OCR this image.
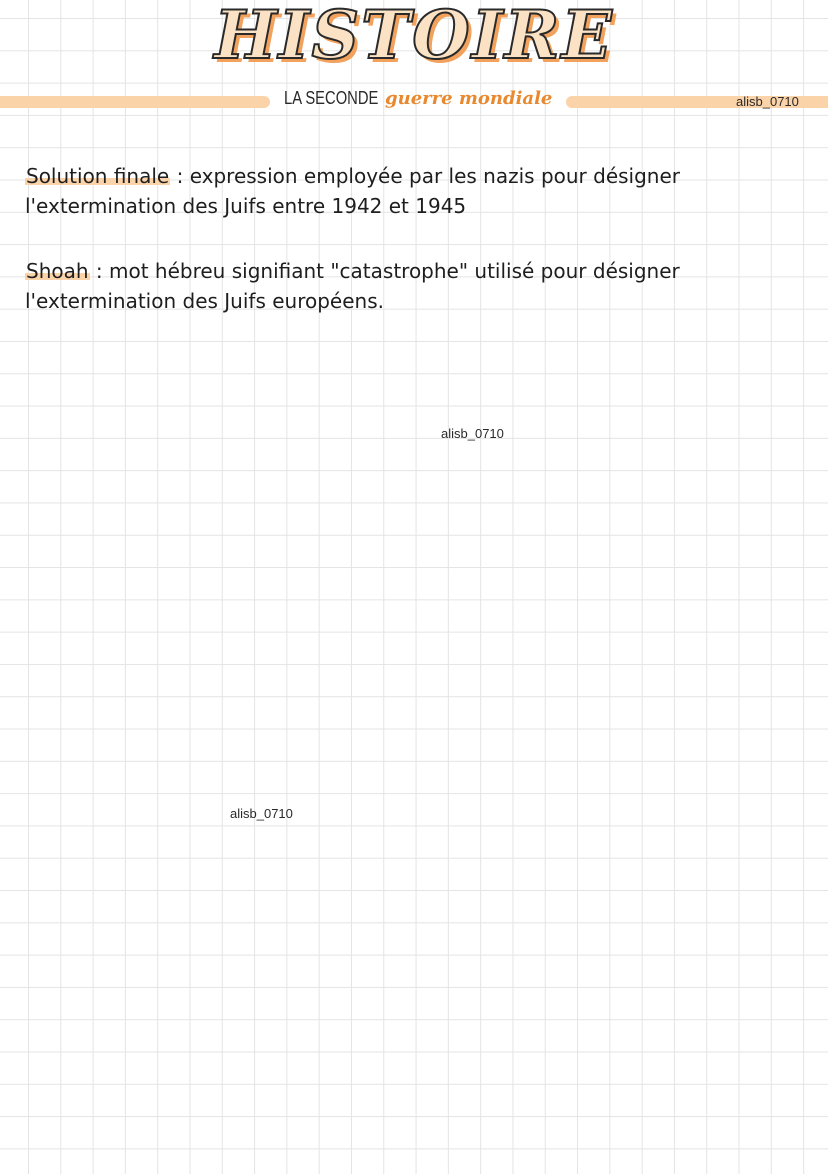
HISTOIRE
LA SECONDE guerre mondiale	alisb_0710
Solution finale : expression employée par les nazis pour désigner l'extermination des Juifs entre 1942 et 1945
Shoah : mot hébreu signifiant "catastrophe" utilisé pour désigner l'extermination des Juifs européens.
alisb_0710
alisb_0710
